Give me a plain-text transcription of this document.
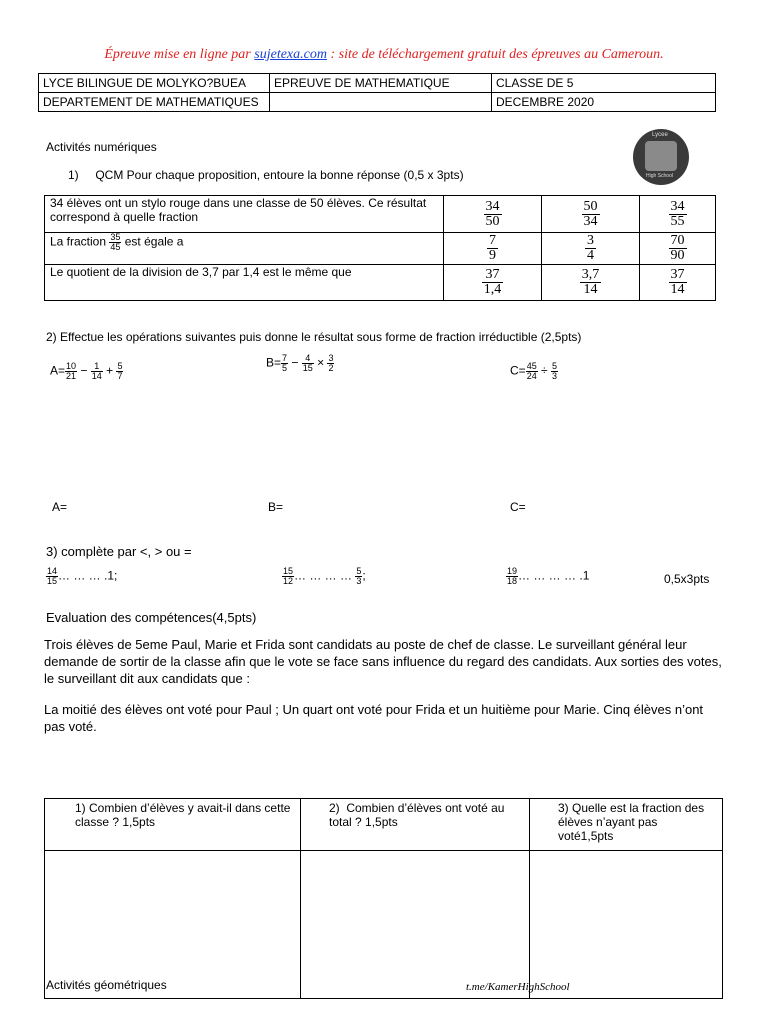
Épreuve mise en ligne par sujetexa.com : site de téléchargement gratuit des épreuves au Cameroun.
LYCE BILINGUE DE MOLYKO?BUEA	EPREUVE DE MATHEMATIQUE	CLASSE DE 5
DEPARTEMENT DE MATHEMATIQUES		DECEMBRE 2020
Activités numériques
Lycee
High School
1) QCM Pour chaque proposition, entoure la bonne réponse (0,5 x 3pts)
34 élèves ont un stylo rouge dans une classe de 50 élèves. Ce résultat correspond à quelle fraction	$\frac{34}{50}$	$\frac{50}{34}$	$\frac{34}{55}$

La fraction $\frac{35}{45}$ est égale a	$\frac{7}{9}$	$\frac{3}{4}$	$\frac{70}{90}$

Le quotient de la division de 3,7 par 1,4 est le même que	$\frac{37}{1,4}$	$\frac{3,7}{14}$	$\frac{37}{14}$
2) Effectue les opérations suivantes puis donne le résultat sous forme de fraction irréductible (2,5pts)
$A= \frac{10}{21} - \frac{1}{14} + \frac{5}{7}$	$B= \frac{7}{5} - \frac{4}{15} \times \frac{3}{2}$	$C= \frac{45}{24} \div \frac{5}{3}$
A=	B=	C=
3) complète par <, > ou =
$\frac{14}{15}$ … … … .1;	$\frac{15}{12}$ … … … … $\frac{5}{3}$ ;	$\frac{19}{18}$ … … … … .1	0,5x3pts
Evaluation des compétences(4,5pts)
Trois élèves de 5eme Paul, Marie et Frida sont candidats au poste de chef de classe. Le surveillant général leur demande de sortir de la classe afin que le vote se face sans influence du regard des candidats. Aux sorties des votes, le surveillant dit aux candidats que :
La moitié des élèves ont voté pour Paul ; Un quart ont voté pour Frida et un huitième pour Marie. Cinq élèves n’ont pas voté.
1) Combien d’élèves y avait-il dans cette classe ? 1,5pts	2) Combien d’élèves ont voté au total ? 1,5pts	3) Quelle est la fraction des élèves n’ayant pas voté1,5pts

Activités géométriques	t.me/KamerHighSchool
